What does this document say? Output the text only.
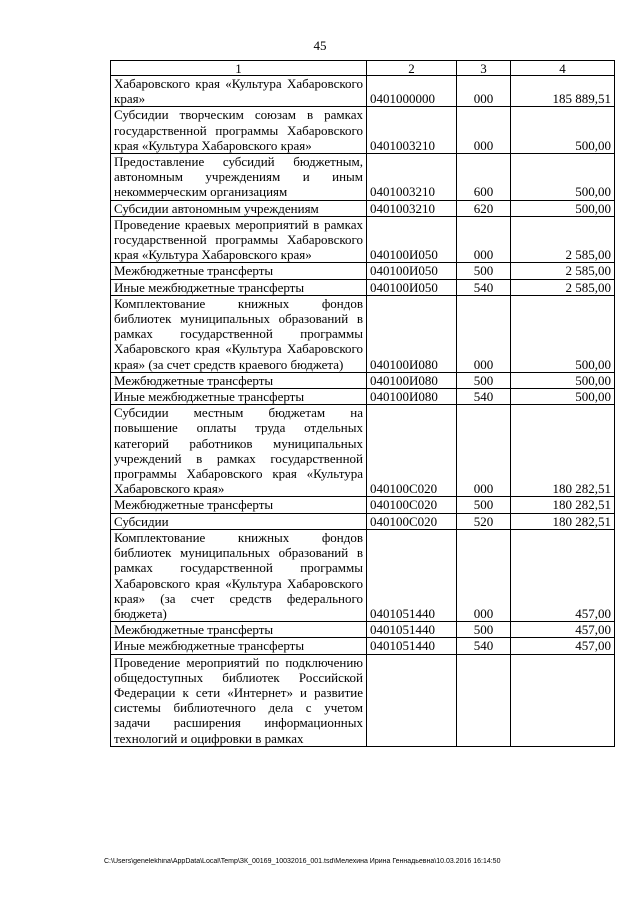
45
1	2	3	4
Хабаровского края «Культура Хабаровского края»	0401000000	000	185 889,51
Субсидии творческим союзам в рамках государственной программы Хабаровского края «Культура Хабаровского края»	0401003210	000	500,00
Предоставление субсидий бюджетным, автономным учреждениям и иным некоммерческим организациям	0401003210	600	500,00
Субсидии автономным учреждениям	0401003210	620	500,00
Проведение краевых мероприятий в рамках государственной программы Хабаровского края «Культура Хабаровского края»	040100И050	000	2 585,00
Межбюджетные трансферты	040100И050	500	2 585,00
Иные межбюджетные трансферты	040100И050	540	2 585,00
Комплектование книжных фондов библиотек муниципальных образований в рамках государственной программы Хабаровского края «Культура Хабаровского края» (за счет средств краевого бюджета)	040100И080	000	500,00
Межбюджетные трансферты	040100И080	500	500,00
Иные межбюджетные трансферты	040100И080	540	500,00
Субсидии местным бюджетам на повышение оплаты труда отдельных категорий работников муниципальных учреждений в рамках государственной программы Хабаровского края «Культура Хабаровского края»	040100С020	000	180 282,51
Межбюджетные трансферты	040100С020	500	180 282,51
Субсидии	040100С020	520	180 282,51
Комплектование книжных фондов библиотек муниципальных образований в рамках государственной программы Хабаровского края «Культура Хабаровского края» (за счет средств федерального бюджета)	0401051440	000	457,00
Межбюджетные трансферты	0401051440	500	457,00
Иные межбюджетные трансферты	0401051440	540	457,00
Проведение мероприятий по подключению общедоступных библиотек Российской Федерации к сети «Интернет» и развитие системы библиотечного дела с учетом задачи расширения информационных технологий и оцифровки в рамках			
C:\Users\genelekhina\AppData\Local\Temp\ЗК_00169_10032016_001.tsd\Мелехина Ирина Геннадьевна\10.03.2016 16:14:50
